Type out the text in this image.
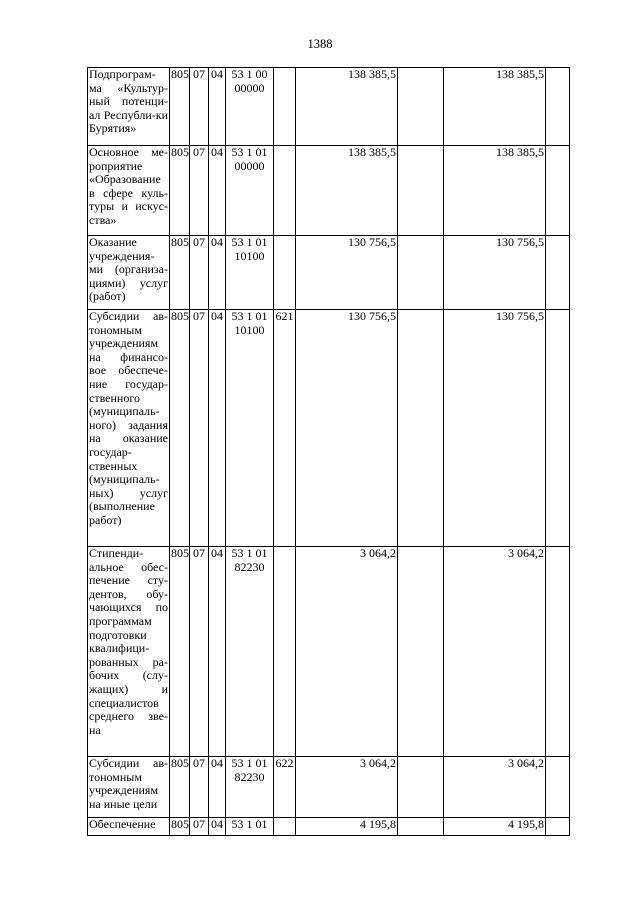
1388
Подпрограм-ма «Культур-ный потенци-ал Республи-ки Бурятия»	805	07	04	53 1 00 00000		138 385,5		138 385,5	
Основное ме-роприятие «Образование в сфере куль-туры и искус-ства»	805	07	04	53 1 01 00000		138 385,5		138 385,5	
Оказание учреждения-ми (организа-циями) услуг (работ)	805	07	04	53 1 01 10100		130 756,5		130 756,5	
Субсидии ав-тономным учреждениям на финансо-вое обеспече-ние государ-ственного (муниципаль-ного) задания на оказание государ-ственных (муниципаль-ных) услуг (выполнение работ)	805	07	04	53 1 01 10100	621	130 756,5		130 756,5	
Стипенди-альное обес-печение сту-дентов, обу-чающихся по программам подготовки квалифици-рованных ра-бочих (слу-жащих) и специалистов среднего зве-на	805	07	04	53 1 01 82230		3 064,2		3 064,2	
Субсидии ав-тономным учреждениям на иные цели	805	07	04	53 1 01 82230	622	3 064,2		3 064,2	
Обеспечение	805	07	04	53 1 01		4 195,8		4 195,8	
